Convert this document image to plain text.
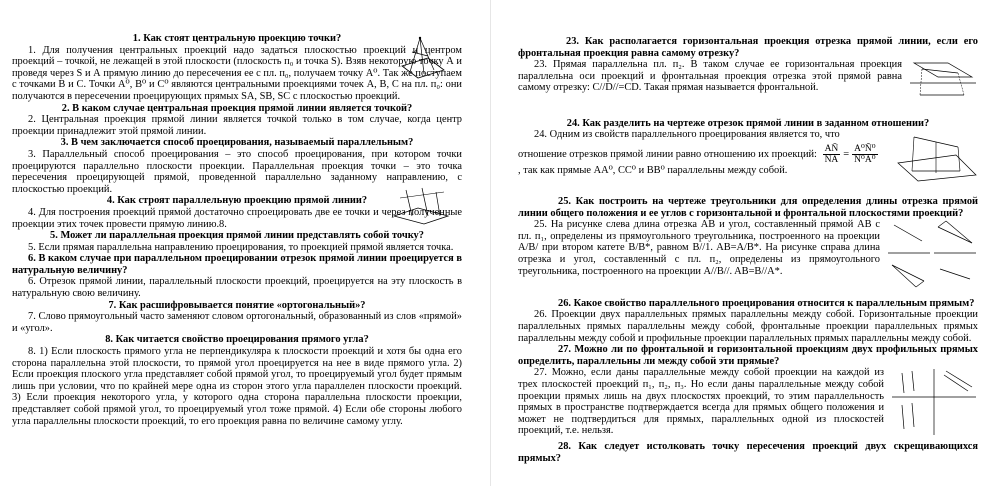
1. Как стоят центральную проекцию точки?
1. Для получения центральных проекций надо задаться плоскостью проекций и центром проекций – точкой, не лежащей в этой плоскости (плоскость п₀ и точка S). Взяв некоторую точку А и проведя через S и А прямую линию до пересечения ее с пл. п₀, получаем точку А⁰. Так же поступаем с точками В и С. Точки А⁰, В⁰ и С⁰ являются центральными проекциями точек А, В, С на пл. п₀: они получаются в пересечении проецирующих прямых SA, SB, SC с плоскостью проекций.
2. В каком случае центральная проекция прямой линии является точкой?
2. Центральная проекция прямой линии является точкой только в том случае, когда центр проекции принадлежит этой прямой линии.
3. В чем заключается способ проецирования, называемый параллельным?
3. Параллельный способ проецирования – это способ проецирования, при котором точки проецируются параллельно плоскости проекции. Параллельная проекция точки – это точка пересечения проецирующей прямой, проведенной параллельно заданному направлению, с плоскостью проекций.
4. Как строят параллельную проекцию прямой линии?
4. Для построения проекций прямой достаточно спроецировать две ее точки и через полученные проекции этих точек провести прямую линию.8.
5. Может ли параллельная проекция прямой линии представлять собой точку?
5. Если прямая параллельна направлению проецирования, то проекцией прямой является точка.
6. В каком случае при параллельном проецировании отрезок прямой линии проецируется в натуральную величину?
6. Отрезок прямой линии, параллельный плоскости проекций, проецируется на эту плоскость в натуральную свою величину.
7. Как расшифровывается понятие «ортогональный»?
7. Слово прямоугольный часто заменяют словом ортогональный, образованный из слов «прямой» и «угол».
8. Как читается свойство проецирования прямого угла?
8. 1) Если плоскость прямого угла не перпендикуляра к плоскости проекций и хотя бы одна его сторона параллельна этой плоскости, то прямой угол проецируется на нее в виде прямого угла. 2) Если проекция плоского угла представляет собой прямой угол, то проецируемый угол будет прямым лишь при условии, что по крайней мере одна из сторон этого угла параллелен плоскости проекций. 3) Если проекция некоторого угла, у которого одна сторона параллельна плоскости проекции, представляет собой прямой угол, то проецируемый угол тоже прямой. 4) Если обе стороны любого угла параллельны плоскости проекций, то его проекция равна по величине самому углу.
23. Как располагается горизонтальная проекция отрезка прямой линии, если его фронтальная проекция равна самому отрезку?
23. Прямая параллельна пл. п₂. В таком случае ее горизонтальная проекция параллельна оси проекций и фронтальная проекция отрезка этой прямой равна самому отрезку: C//D//=CD. Такая прямая называется фронтальной.
24. Как разделить на чертеже отрезок прямой линии в заданном отношении?
24. Одним из свойств параллельного проецирования является то, что
отношение отрезков прямой линии равно отношению их проекций: $\frac{AÑ}{ÑA} = \frac{\text{A⁰Ñ⁰}}{\text{Ñ⁰A⁰}}$
, так как прямые AA⁰, CC⁰ и BB⁰ параллельны между собой.
25. Как построить на чертеже треугольники для определения длины отрезка прямой линии общего положения и ее углов с горизонтальной и фронтальной плоскостями проекций?
25. На рисунке слева длина отрезка AB и угол, составленный прямой AB с пл. п₁, определены из прямоугольного треугольника, построенного на проекции A/B/ при втором катете B/B*, равном B//1. AB=A/B*. На рисунке справа длина отрезка и угол, составленный с пл. п₂, определены из прямоугольного треугольника, построенного на проекции A//B//. AB=B//A*.
26. Какое свойство параллельного проецирования относится к параллельным прямым?
26. Проекции двух параллельных прямых параллельны между собой. Горизонтальные проекции параллельных прямых параллельны между собой, фронтальные проекции параллельных прямых параллельны между собой и профильные проекции параллельных прямых параллельны между собой.
27. Можно ли по фронтальной и горизонтальной проекциям двух профильных прямых определить, параллельны ли между собой эти прямые?
27. Можно, если даны параллельные между собой проекции на каждой из трех плоскостей проекций п₁, п₂, п₃. Но если даны параллельные между собой проекции прямых лишь на двух плоскостях проекций, то этим параллельность прямых в пространстве подтверждается всегда для прямых общего положения и может не подтвердиться для прямых, параллельных одной из плоскостей проекций, т.е. нельзя.
28. Как следует истолковать точку пересечения проекций двух скрещивающихся прямых?
